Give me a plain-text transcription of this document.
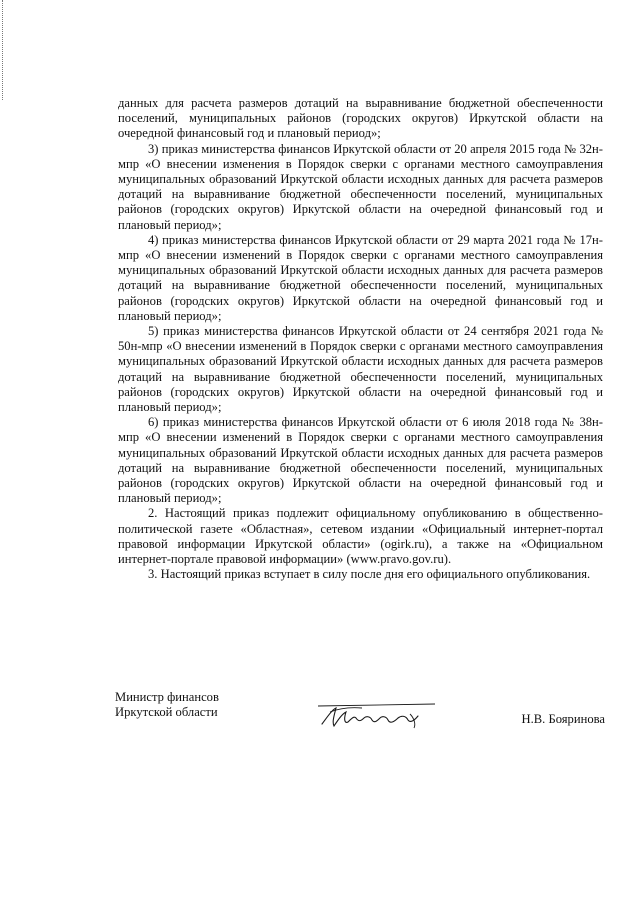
данных для расчета размеров дотаций на выравнивание бюджетной обеспеченности поселений, муниципальных районов (городских округов) Иркутской области на очередной финансовый год и плановый период»;

3) приказ министерства финансов Иркутской области от 20 апреля 2015 года № 32н-мпр «О внесении изменения в Порядок сверки с органами местного самоуправления муниципальных образований Иркутской области исходных данных для расчета размеров дотаций на выравнивание бюджетной обеспеченности поселений, муниципальных районов (городских округов) Иркутской области на очередной финансовый год и плановый период»;

4) приказ министерства финансов Иркутской области от 29 марта 2021 года № 17н-мпр «О внесении изменений в Порядок сверки с органами местного самоуправления муниципальных образований Иркутской области исходных данных для расчета размеров дотаций на выравнивание бюджетной обеспеченности поселений, муниципальных районов (городских округов) Иркутской области на очередной финансовый год и плановый период»;

5) приказ министерства финансов Иркутской области от 24 сентября 2021 года № 50н-мпр «О внесении изменений в Порядок сверки с органами местного самоуправления муниципальных образований Иркутской области исходных данных для расчета размеров дотаций на выравнивание бюджетной обеспеченности поселений, муниципальных районов (городских округов) Иркутской области на очередной финансовый год и плановый период»;

6) приказ министерства финансов Иркутской области от 6 июля 2018 года № 38н-мпр «О внесении изменений в Порядок сверки с органами местного самоуправления муниципальных образований Иркутской области исходных данных для расчета размеров дотаций на выравнивание бюджетной обеспеченности поселений, муниципальных районов (городских округов) Иркутской области на очередной финансовый год и плановый период»;

2. Настоящий приказ подлежит официальному опубликованию в общественно-политической газете «Областная», сетевом издании «Официальный интернет-портал правовой информации Иркутской области» (ogirk.ru), а также на «Официальном интернет-портале правовой информации» (www.pravo.gov.ru).

3. Настоящий приказ вступает в силу после дня его официального опубликования.

Министр финансов
Иркутской области	Н.В. Бояринова
